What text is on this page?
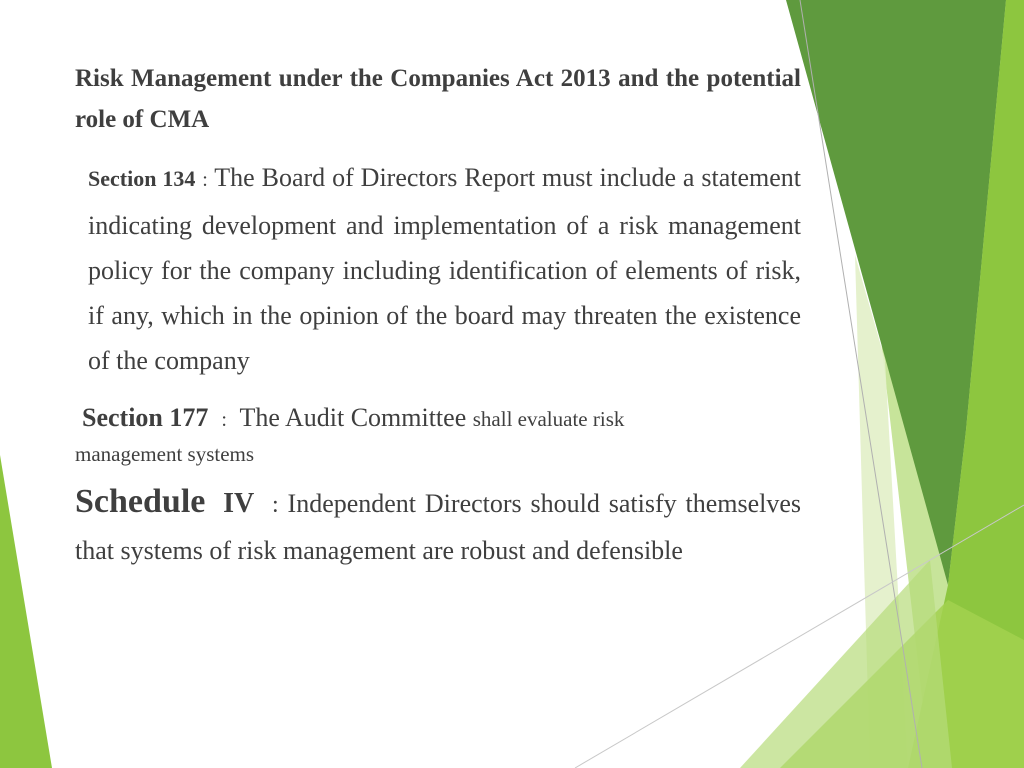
Risk Management under the Companies Act 2013 and the potential role of CMA

Section 134 : The Board of Directors Report must include a statement indicating development and implementation of a risk management policy for the company including identification of elements of risk, if any, which in the opinion of the board may threaten the existence of the company

Section 177 : The Audit Committee shall evaluate risk
management systems

Schedule IV : Independent Directors should satisfy themselves that systems of risk management are robust and defensible
